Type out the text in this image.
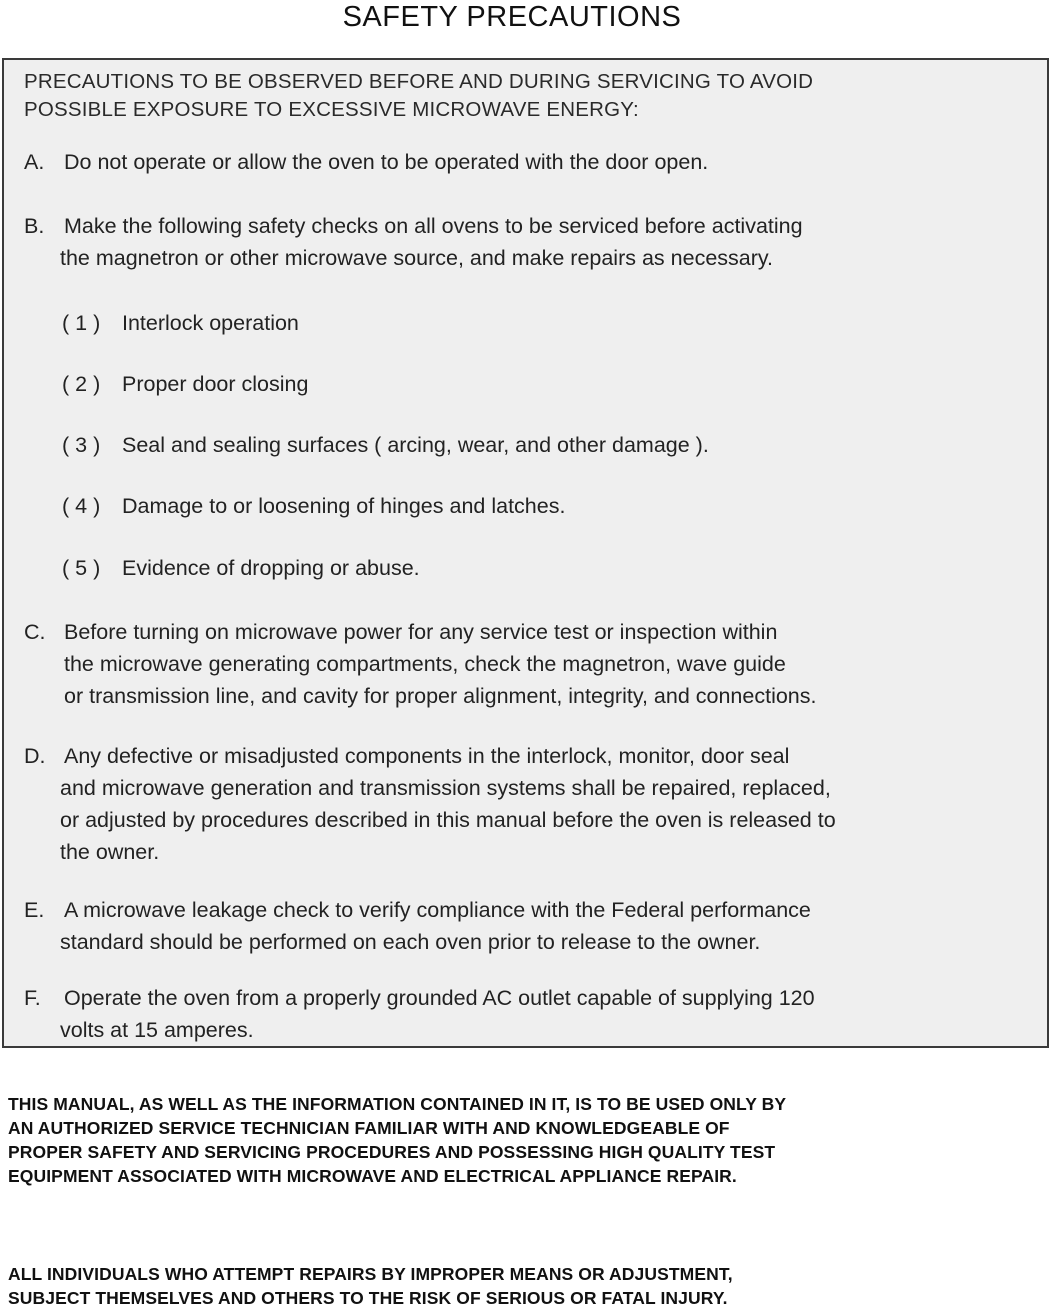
SAFETY PRECAUTIONS
PRECAUTIONS TO BE OBSERVED BEFORE AND DURING SERVICING TO AVOID
POSSIBLE EXPOSURE TO EXCESSIVE MICROWAVE ENERGY:
A. Do not operate or allow the oven to be operated with the door open.
B. Make the following safety checks on all ovens to be serviced before activating
the magnetron or other microwave source, and make repairs as necessary.
( 1 ) Interlock operation
( 2 ) Proper door closing
( 3 ) Seal and sealing surfaces ( arcing, wear, and other damage ).
( 4 ) Damage to or loosening of hinges and latches.
( 5 ) Evidence of dropping or abuse.
C. Before turning on microwave power for any service test or inspection within
the microwave generating compartments, check the magnetron, wave guide
or transmission line, and cavity for proper alignment, integrity, and connections.
D. Any defective or misadjusted components in the interlock, monitor, door seal
and microwave generation and transmission systems shall be repaired, replaced,
or adjusted by procedures described in this manual before the oven is released to
the owner.
E. A microwave leakage check to verify compliance with the Federal performance
standard should be performed on each oven prior to release to the owner.
F.	Operate the oven from a properly grounded AC outlet capable of supplying 120
volts at 15 amperes.
THIS MANUAL, AS WELL AS THE INFORMATION CONTAINED IN IT, IS TO BE USED ONLY BY
AN AUTHORIZED SERVICE TECHNICIAN FAMILIAR WITH AND KNOWLEDGEABLE OF
PROPER SAFETY AND SERVICING PROCEDURES AND POSSESSING HIGH QUALITY TEST
EQUIPMENT ASSOCIATED WITH MICROWAVE AND ELECTRICAL APPLIANCE REPAIR.
ALL INDIVIDUALS WHO ATTEMPT REPAIRS BY IMPROPER MEANS OR ADJUSTMENT,
SUBJECT THEMSELVES AND OTHERS TO THE RISK OF SERIOUS OR FATAL INJURY.
